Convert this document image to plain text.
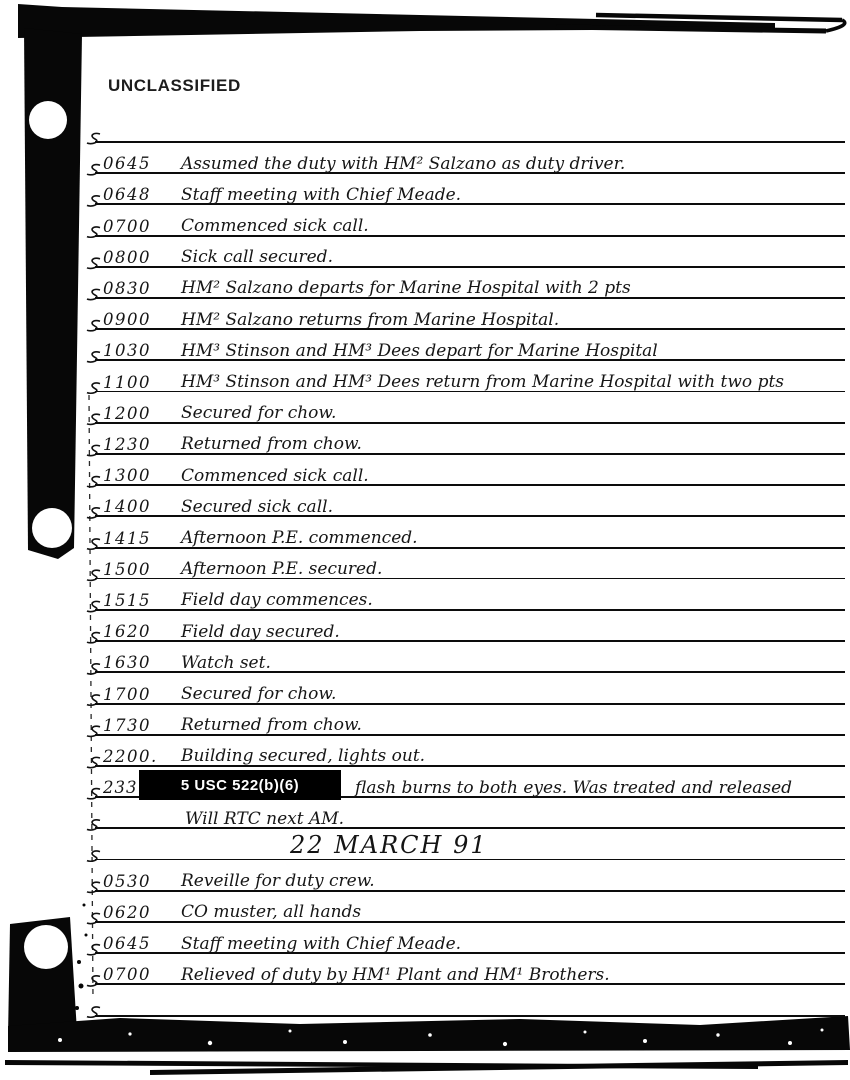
UNCLASSIFIED
0645	Assumed the duty with HM² Salzano as duty driver.
0648	Staff meeting with Chief Meade.
0700	Commenced sick call.
0800	Sick call secured.
0830	HM² Salzano departs for Marine Hospital with 2 pts
0900	HM² Salzano returns from Marine Hospital.
1030	HM³ Stinson and HM³ Dees depart for Marine Hospital
1100	HM³ Stinson and HM³ Dees return from Marine Hospital with two pts
1200	Secured for chow.
1230	Returned from chow.
1300	Commenced sick call.
1400	Secured sick call.
1415	Afternoon P.E. commenced.
1500	Afternoon P.E. secured.
1515	Field day commences.
1620	Field day secured.
1630	Watch set.
1700	Secured for chow.
1730	Returned from chow.
2200.	Building secured, lights out.
233	5 USC 522(b)(6)	flash burns to both eyes. Was treated and released
Will RTC next AM.
22 MARCH 91
0530	Reveille for duty crew.
0620	CO muster, all hands
0645	Staff meeting with Chief Meade.
0700	Relieved of duty by HM¹ Plant and HM¹ Brothers.
